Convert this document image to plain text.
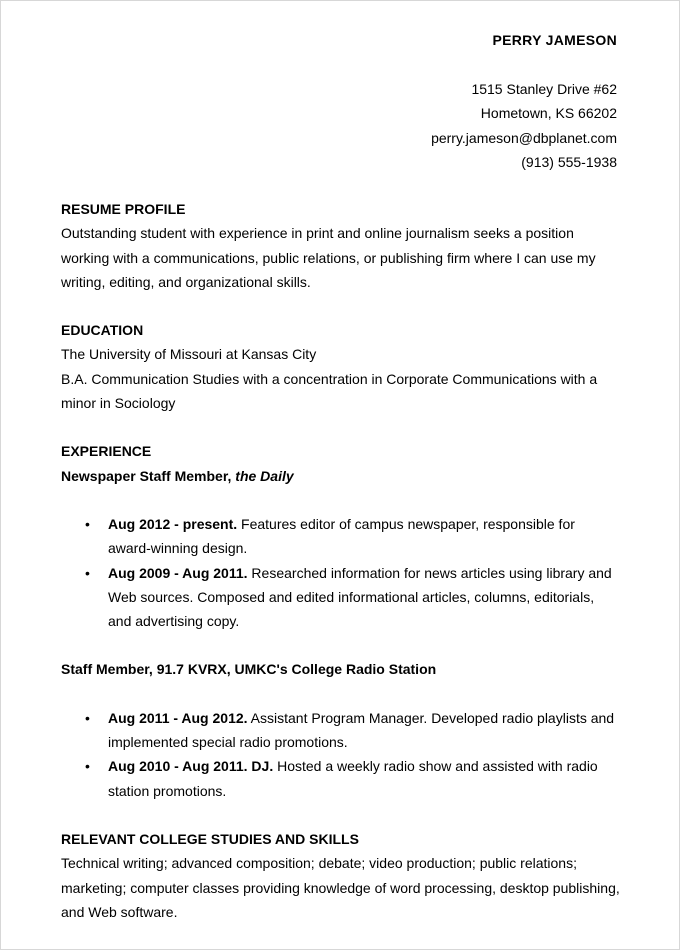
PERRY JAMESON
1515 Stanley Drive #62
Hometown, KS 66202
perry.jameson@dbplanet.com
(913) 555-1938
RESUME PROFILE
Outstanding student with experience in print and online journalism seeks a position working with a communications, public relations, or publishing firm where I can use my writing, editing, and organizational skills.
EDUCATION
The University of Missouri at Kansas City
B.A. Communication Studies with a concentration in Corporate Communications with a minor in Sociology
EXPERIENCE
Newspaper Staff Member, the Daily
• Aug 2012 - present. Features editor of campus newspaper, responsible for award-winning design.
• Aug 2009 - Aug 2011. Researched information for news articles using library and Web sources. Composed and edited informational articles, columns, editorials, and advertising copy.
Staff Member, 91.7 KVRX, UMKC's College Radio Station
• Aug 2011 - Aug 2012. Assistant Program Manager. Developed radio playlists and implemented special radio promotions.
• Aug 2010 - Aug 2011. DJ. Hosted a weekly radio show and assisted with radio station promotions.
RELEVANT COLLEGE STUDIES AND SKILLS
Technical writing; advanced composition; debate; video production; public relations; marketing; computer classes providing knowledge of word processing, desktop publishing, and Web software.
